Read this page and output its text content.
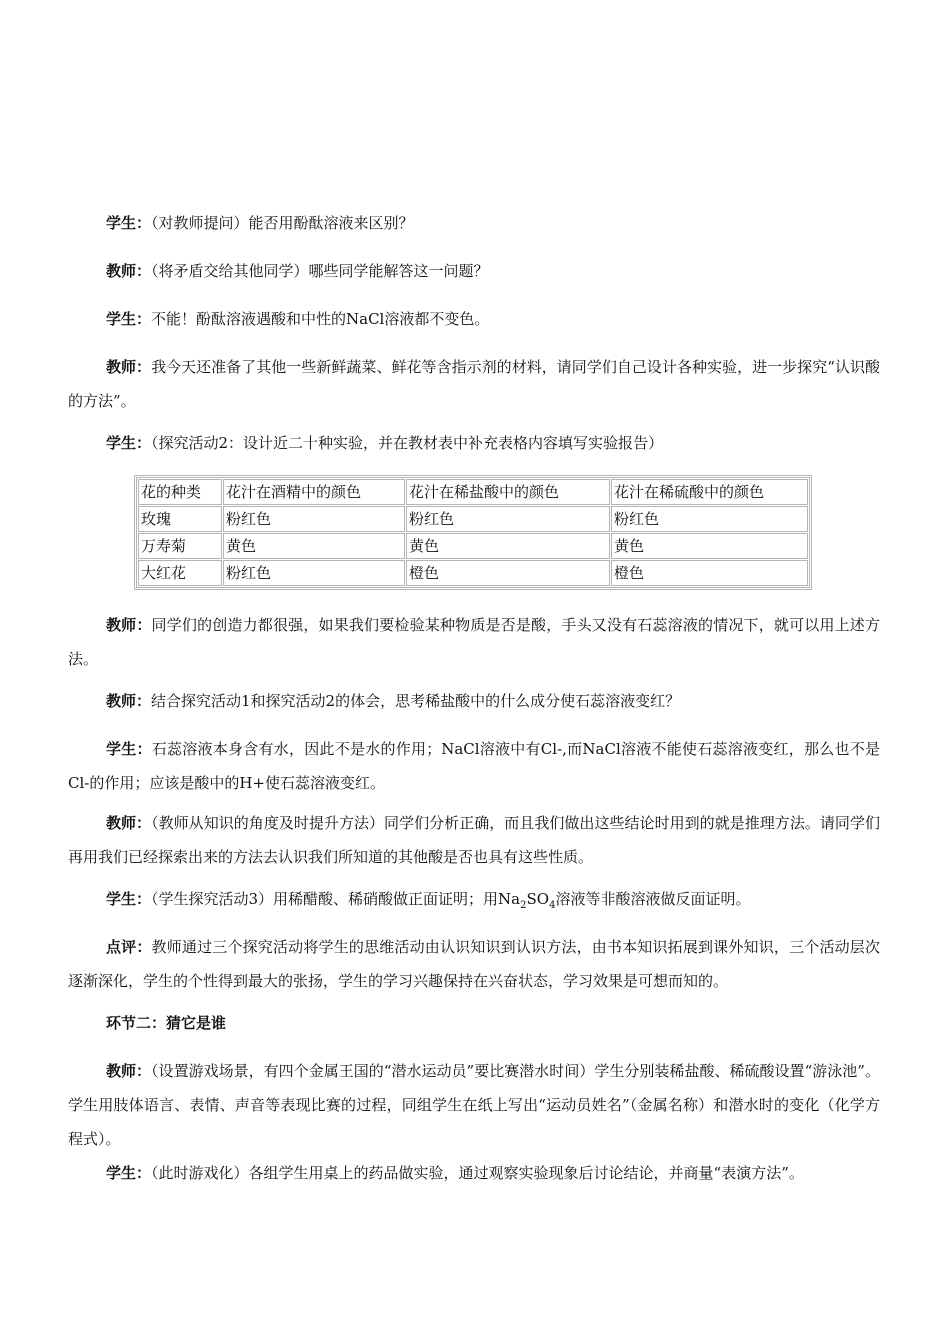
学生：（对教师提问）能否用酚酞溶液来区别？

教师：（将矛盾交给其他同学）哪些同学能解答这一问题？

学生：不能！酚酞溶液遇酸和中性的NaCl溶液都不变色。

教师：我今天还准备了其他一些新鲜蔬菜、鲜花等含指示剂的材料，请同学们自己设计各种实验，进一步探究“认识酸的方法”。

学生：（探究活动2：设计近二十种实验，并在教材表中补充表格内容填写实验报告）

花的种类	花汁在酒精中的颜色	花汁在稀盐酸中的颜色	花汁在稀硫酸中的颜色
玫瑰	粉红色	粉红色	粉红色
万寿菊	黄色	黄色	黄色
大红花	粉红色	橙色	橙色

教师：同学们的创造力都很强，如果我们要检验某种物质是否是酸，手头又没有石蕊溶液的情况下，就可以用上述方法。

教师：结合探究活动1和探究活动2的体会，思考稀盐酸中的什么成分使石蕊溶液变红？

学生：石蕊溶液本身含有水，因此不是水的作用；NaCl溶液中有Cl-,而NaCl溶液不能使石蕊溶液变红，那么也不是Cl-的作用；应该是酸中的H+使石蕊溶液变红。

教师：（教师从知识的角度及时提升方法）同学们分析正确，而且我们做出这些结论时用到的就是推理方法。请同学们再用我们已经探索出来的方法去认识我们所知道的其他酸是否也具有这些性质。

学生：（学生探究活动3）用稀醋酸、稀硝酸做正面证明；用$Na_2SO_4$溶液等非酸溶液做反面证明。

点评：教师通过三个探究活动将学生的思维活动由认识知识到认识方法，由书本知识拓展到课外知识，三个活动层次逐渐深化，学生的个性得到最大的张扬，学生的学习兴趣保持在兴奋状态，学习效果是可想而知的。

环节二：猜它是谁

教师：（设置游戏场景，有四个金属王国的“潜水运动员”要比赛潜水时间）学生分别装稀盐酸、稀硫酸设置“游泳池”。学生用肢体语言、表情、声音等表现比赛的过程，同组学生在纸上写出“运动员姓名”（金属名称）和潜水时的变化（化学方程式）。

学生：（此时游戏化）各组学生用桌上的药品做实验，通过观察实验现象后讨论结论，并商量“表演方法”。
